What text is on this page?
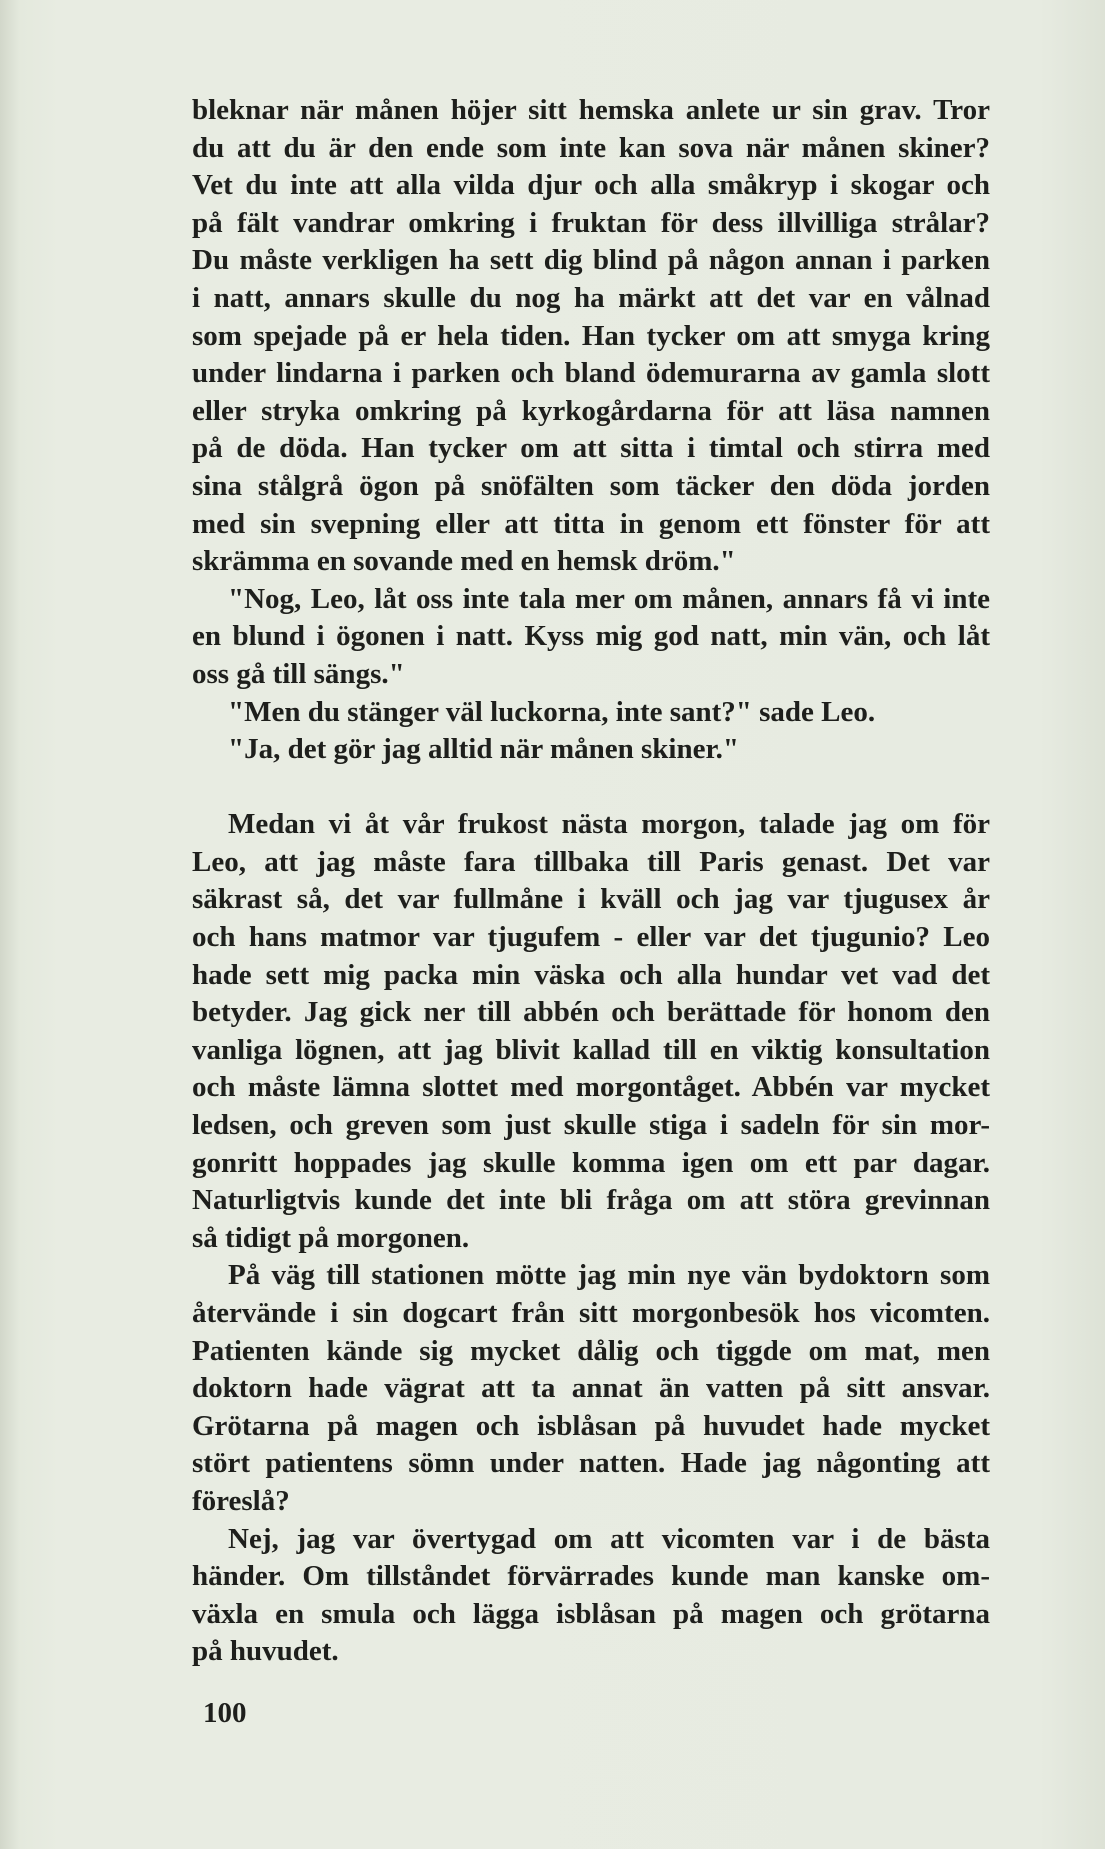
bleknar när månen höjer sitt hemska anlete ur sin grav. Tror
du att du är den ende som inte kan sova när månen skiner?
Vet du inte att alla vilda djur och alla småkryp i skogar och
på fält vandrar omkring i fruktan för dess illvilliga strålar?
Du måste verkligen ha sett dig blind på någon annan i parken
i natt, annars skulle du nog ha märkt att det var en vålnad
som spejade på er hela tiden. Han tycker om att smyga kring
under lindarna i parken och bland ödemurarna av gamla slott
eller stryka omkring på kyrkogårdarna för att läsa namnen
på de döda. Han tycker om att sitta i timtal och stirra med
sina stålgrå ögon på snöfälten som täcker den döda jorden
med sin svepning eller att titta in genom ett fönster för att
skrämma en sovande med en hemsk dröm."
"Nog, Leo, låt oss inte tala mer om månen, annars få vi inte
en blund i ögonen i natt. Kyss mig god natt, min vän, och låt
oss gå till sängs."
"Men du stänger väl luckorna, inte sant?" sade Leo.
"Ja, det gör jag alltid när månen skiner."
Medan vi åt vår frukost nästa morgon, talade jag om för
Leo, att jag måste fara tillbaka till Paris genast. Det var
säkrast så, det var fullmåne i kväll och jag var tjugusex år
och hans matmor var tjugufem - eller var det tjugunio? Leo
hade sett mig packa min väska och alla hundar vet vad det
betyder. Jag gick ner till abbén och berättade för honom den
vanliga lögnen, att jag blivit kallad till en viktig konsultation
och måste lämna slottet med morgontåget. Abbén var mycket
ledsen, och greven som just skulle stiga i sadeln för sin mor-
gonritt hoppades jag skulle komma igen om ett par dagar.
Naturligtvis kunde det inte bli fråga om att störa grevinnan
så tidigt på morgonen.
På väg till stationen mötte jag min nye vän bydoktorn som
återvände i sin dogcart från sitt morgonbesök hos vicomten.
Patienten kände sig mycket dålig och tiggde om mat, men
doktorn hade vägrat att ta annat än vatten på sitt ansvar.
Grötarna på magen och isblåsan på huvudet hade mycket
stört patientens sömn under natten. Hade jag någonting att
föreslå?
Nej, jag var övertygad om att vicomten var i de bästa
händer. Om tillståndet förvärrades kunde man kanske om-
växla en smula och lägga isblåsan på magen och grötarna
på huvudet.
100
